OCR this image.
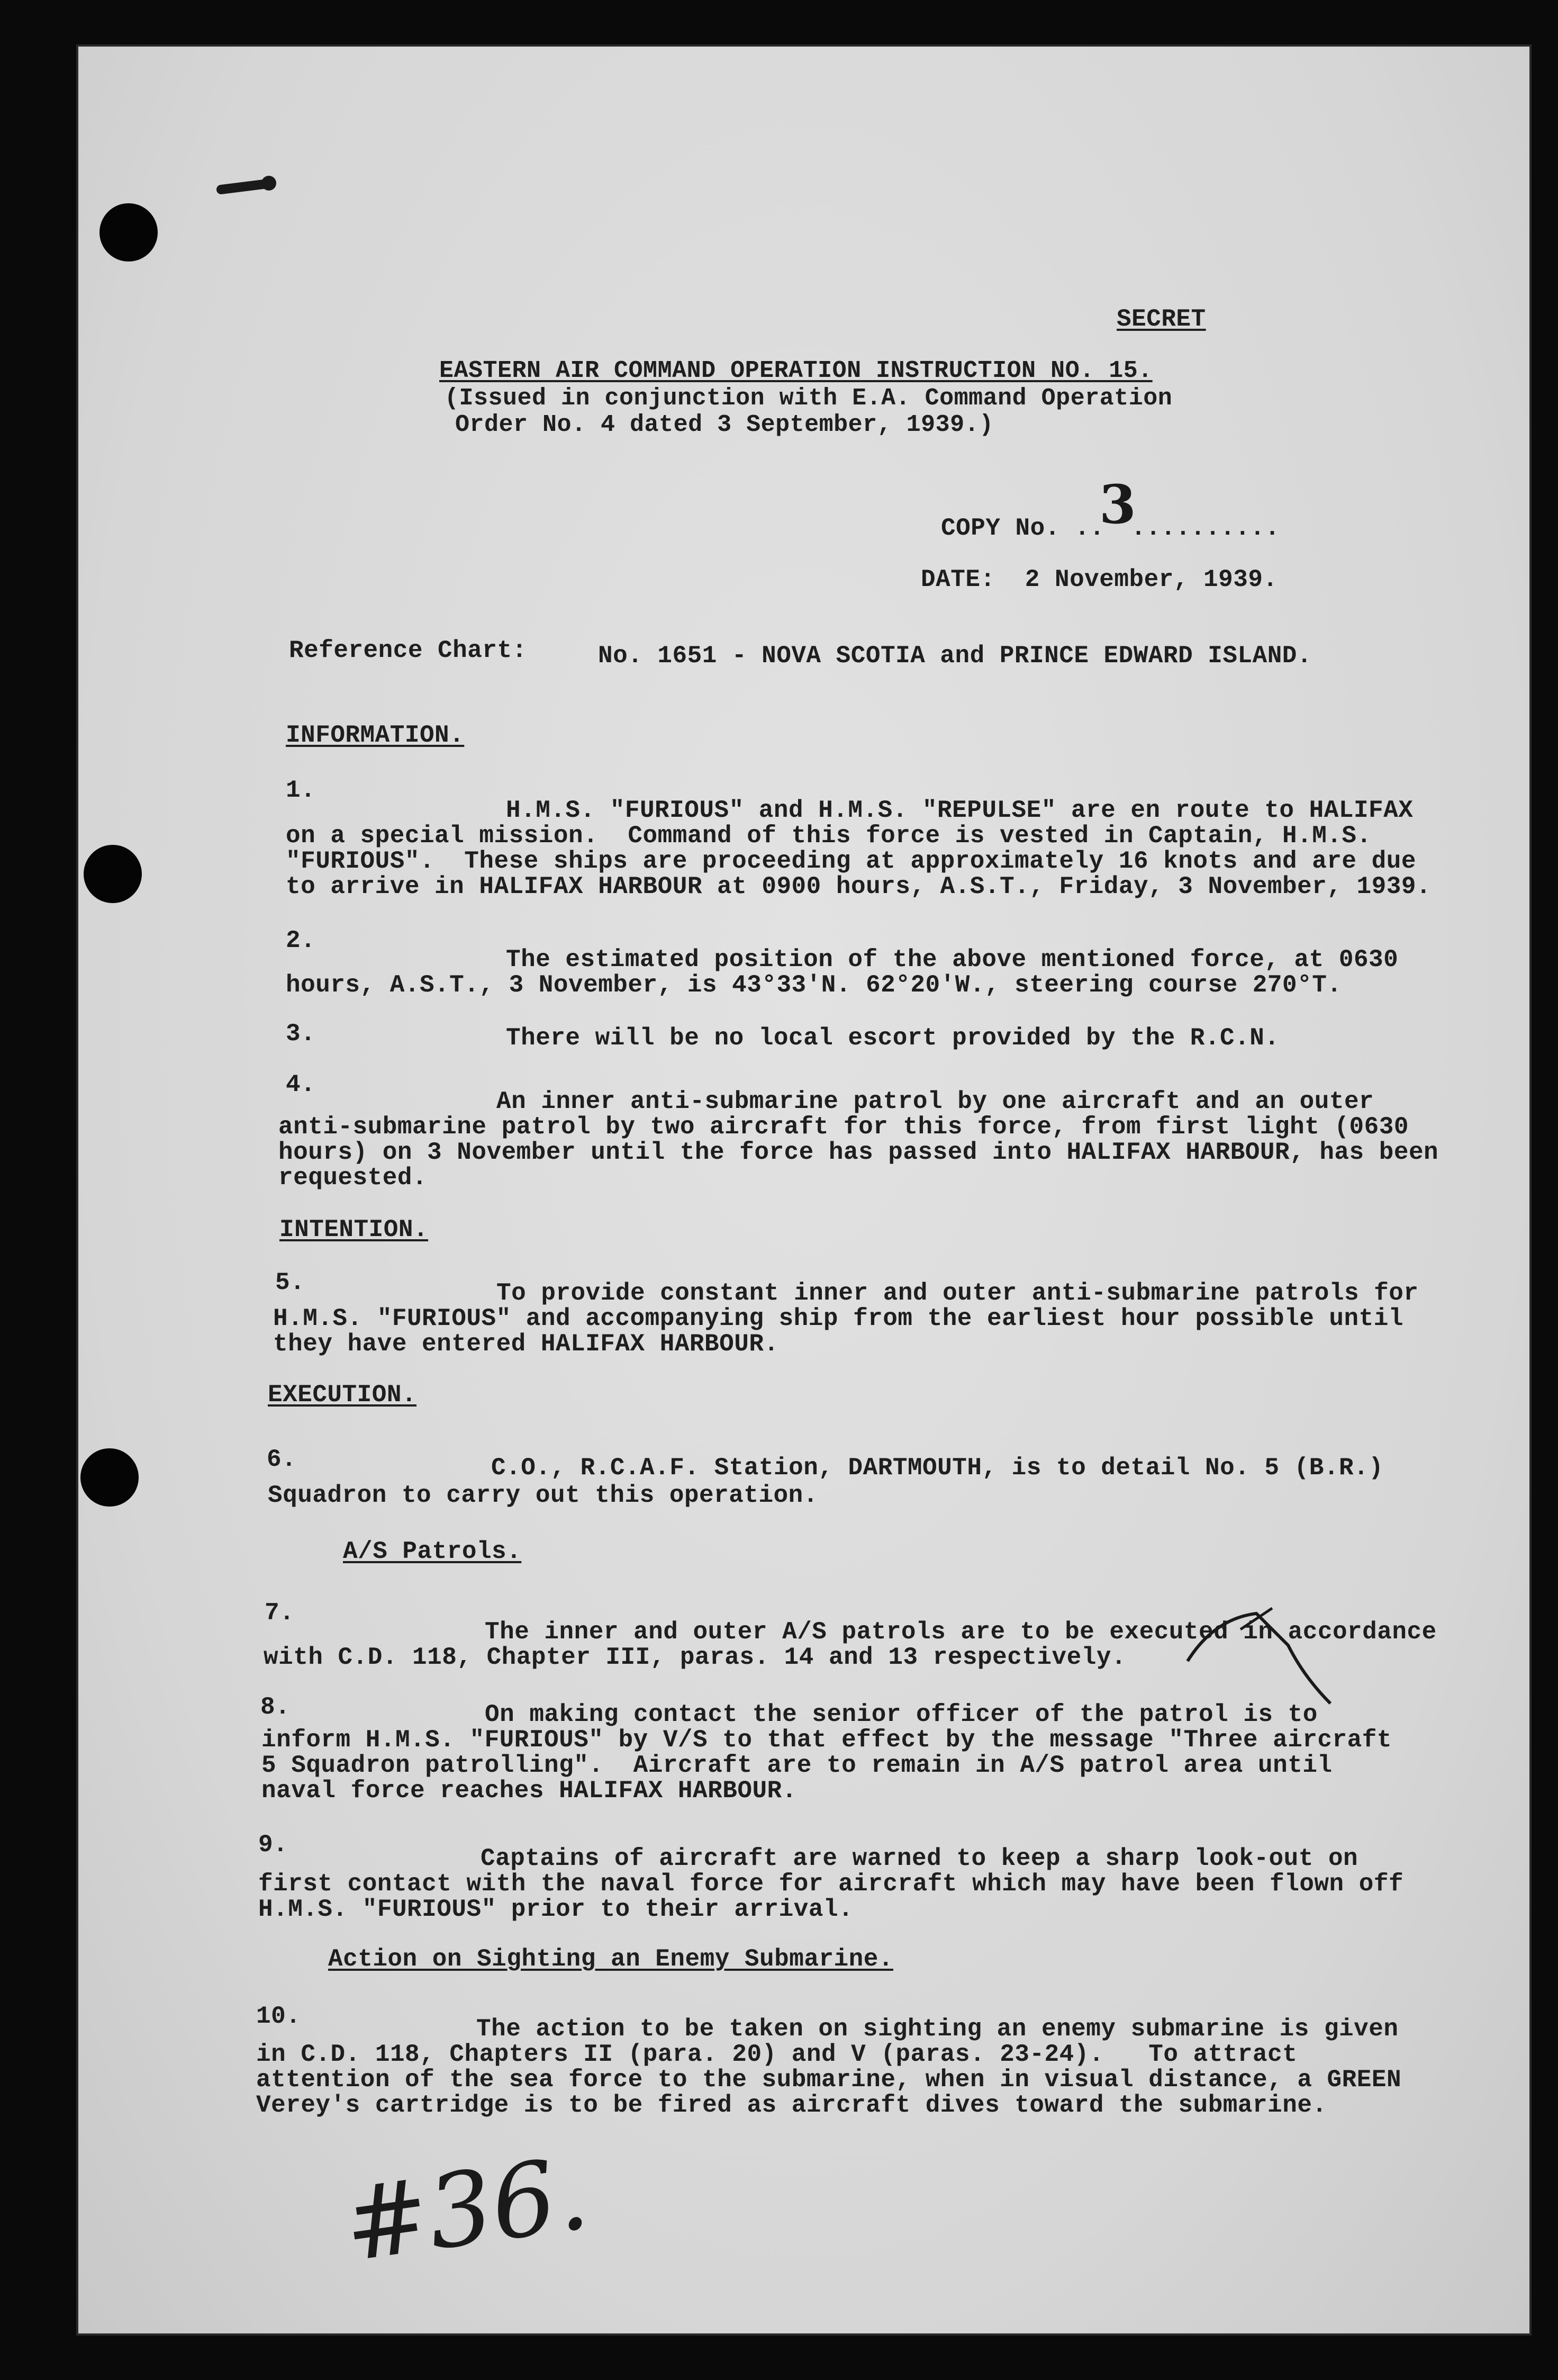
SECRET
EASTERN AIR COMMAND OPERATION INSTRUCTION NO. 15.
(Issued in conjunction with E.A. Command Operation
Order No. 4 dated 3 September, 1939.)
COPY No. ..3..........
DATE: 2 November, 1939.
Reference Chart:	No. 1651 - NOVA SCOTIA and PRINCE EDWARD ISLAND.
INFORMATION.
1.
H.M.S. "FURIOUS" and H.M.S. "REPULSE" are en route to HALIFAX
on a special mission.  Command of this force is vested in Captain, H.M.S.
"FURIOUS".  These ships are proceeding at approximately 16 knots and are due
to arrive in HALIFAX HARBOUR at 0900 hours, A.S.T., Friday, 3 November, 1939.
2.
The estimated position of the above mentioned force, at 0630
hours, A.S.T., 3 November, is 43°33'N. 62°20'W., steering course 270°T.
3.	There will be no local escort provided by the R.C.N.
4.
An inner anti-submarine patrol by one aircraft and an outer
anti-submarine patrol by two aircraft for this force, from first light (0630
hours) on 3 November until the force has passed into HALIFAX HARBOUR, has been
requested.
INTENTION.
5.	To provide constant inner and outer anti-submarine patrols for
H.M.S. "FURIOUS" and accompanying ship from the earliest hour possible until
they have entered HALIFAX HARBOUR.
EXECUTION.
6.	C.O., R.C.A.F. Station, DARTMOUTH, is to detail No. 5 (B.R.)
Squadron to carry out this operation.
A/S Patrols.
7.
The inner and outer A/S patrols are to be executed in accordance
with C.D. 118, Chapter III, paras. 14 and 13 respectively.
8.	On making contact the senior officer of the patrol is to
inform H.M.S. "FURIOUS" by V/S to that effect by the message "Three aircraft
5 Squadron patrolling".  Aircraft are to remain in A/S patrol area until
naval force reaches HALIFAX HARBOUR.
9.	Captains of aircraft are warned to keep a sharp look-out on
first contact with the naval force for aircraft which may have been flown off
H.M.S. "FURIOUS" prior to their arrival.
Action on Sighting an Enemy Submarine.
10.	The action to be taken on sighting an enemy submarine is given
in C.D. 118, Chapters II (para. 20) and V (paras. 23-24).   To attract
attention of the sea force to the submarine, when in visual distance, a GREEN
Verey's cartridge is to be fired as aircraft dives toward the submarine.
#36.
